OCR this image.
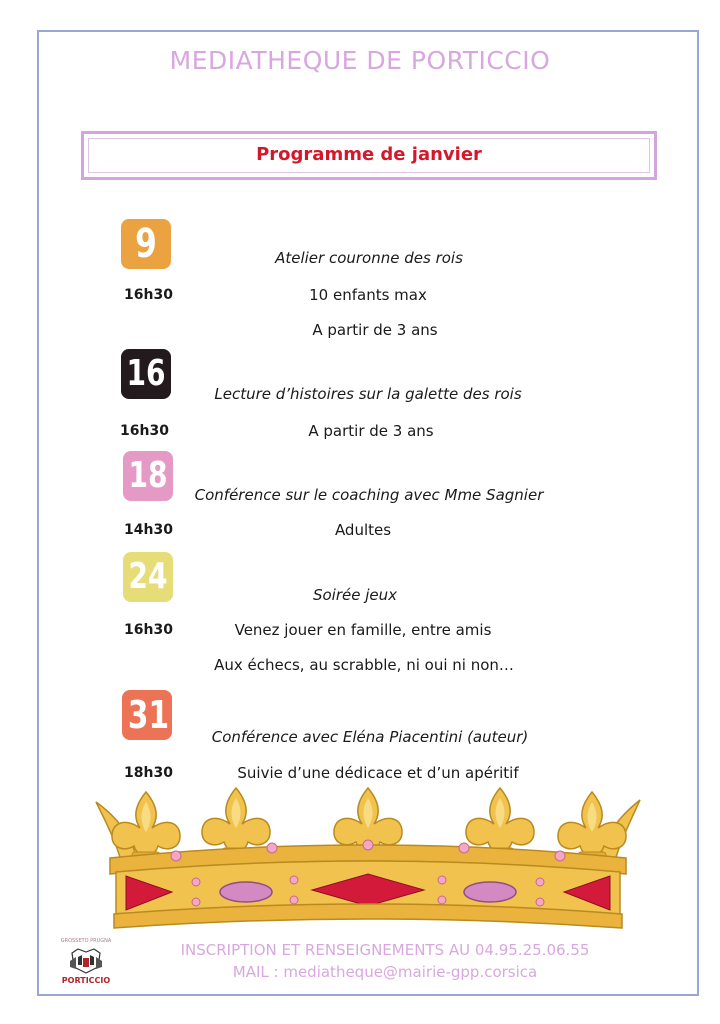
MEDIATHEQUE DE PORTICCIO
Programme de janvier
9	Atelier couronne des rois
16h30	10 enfants max
A partir de 3 ans
16	Lecture d’histoires sur la galette des rois
16h30	A partir de 3 ans
18	Conférence sur le coaching avec Mme Sagnier
14h30	Adultes
24	Soirée jeux
16h30	Venez jouer en famille, entre amis
Aux échecs, au scrabble, ni oui ni non…
31	Conférence avec Eléna Piacentini (auteur)
18h30	Suivie d’une dédicace et d’un apéritif
INSCRIPTION ET RENSEIGNEMENTS AU 04.95.25.06.55
MAIL : mediatheque@mairie-gpp.corsica
GROSSETO PRUGNA
PORTICCIO
